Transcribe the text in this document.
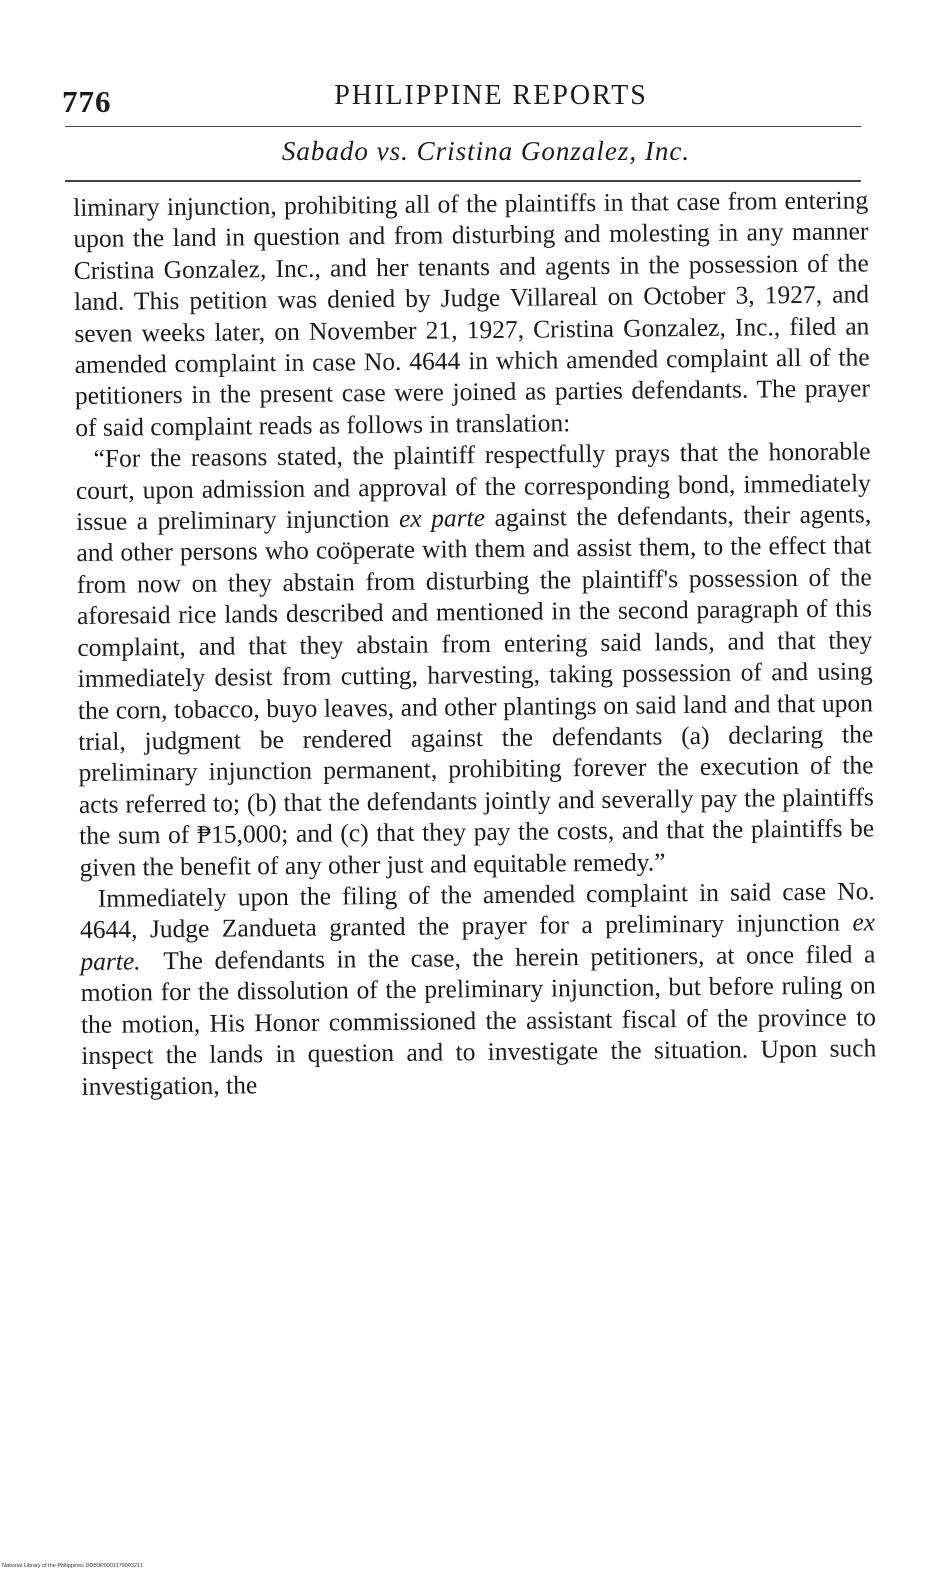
776	PHILIPPINE REPORTS
Sabado vs. Cristina Gonzalez, Inc.

liminary injunction, prohibiting all of the plaintiffs in that case from entering upon the land in question and from disturbing and molesting in any manner Cristina Gonzalez, Inc., and her tenants and agents in the possession of the land. This petition was denied by Judge Villareal on October 3, 1927, and seven weeks later, on November 21, 1927, Cristina Gonzalez, Inc., filed an amended complaint in case No. 4644 in which amended complaint all of the petitioners in the present case were joined as parties defendants. The prayer of said complaint reads as follows in translation:

“For the reasons stated, the plaintiff respectfully prays that the honorable court, upon admission and approval of the corresponding bond, immediately issue a preliminary injunction ex parte against the defendants, their agents, and other persons who coöperate with them and assist them, to the effect that from now on they abstain from disturbing the plaintiff's possession of the aforesaid rice lands described and mentioned in the second paragraph of this complaint, and that they abstain from entering said lands, and that they immediately desist from cutting, harvesting, taking possession of and using the corn, tobacco, buyo leaves, and other plantings on said land and that upon trial, judgment be rendered against the defendants (a) declaring the preliminary injunction permanent, prohibiting forever the execution of the acts referred to; (b) that the defendants jointly and severally pay the plaintiffs the sum of ₱15,000; and (c) that they pay the costs, and that the plaintiffs be given the benefit of any other just and equitable remedy.”

Immediately upon the filing of the amended complaint in said case No. 4644, Judge Zandueta granted the prayer for a preliminary injunction ex parte. The defendants in the case, the herein petitioners, at once filed a motion for the dissolution of the preliminary injunction, but before ruling on the motion, His Honor commissioned the assistant fiscal of the province to inspect the lands in question and to investigate the situation. Upon such investigation, the

National Library of the Philippines DDB9P0001179003211
